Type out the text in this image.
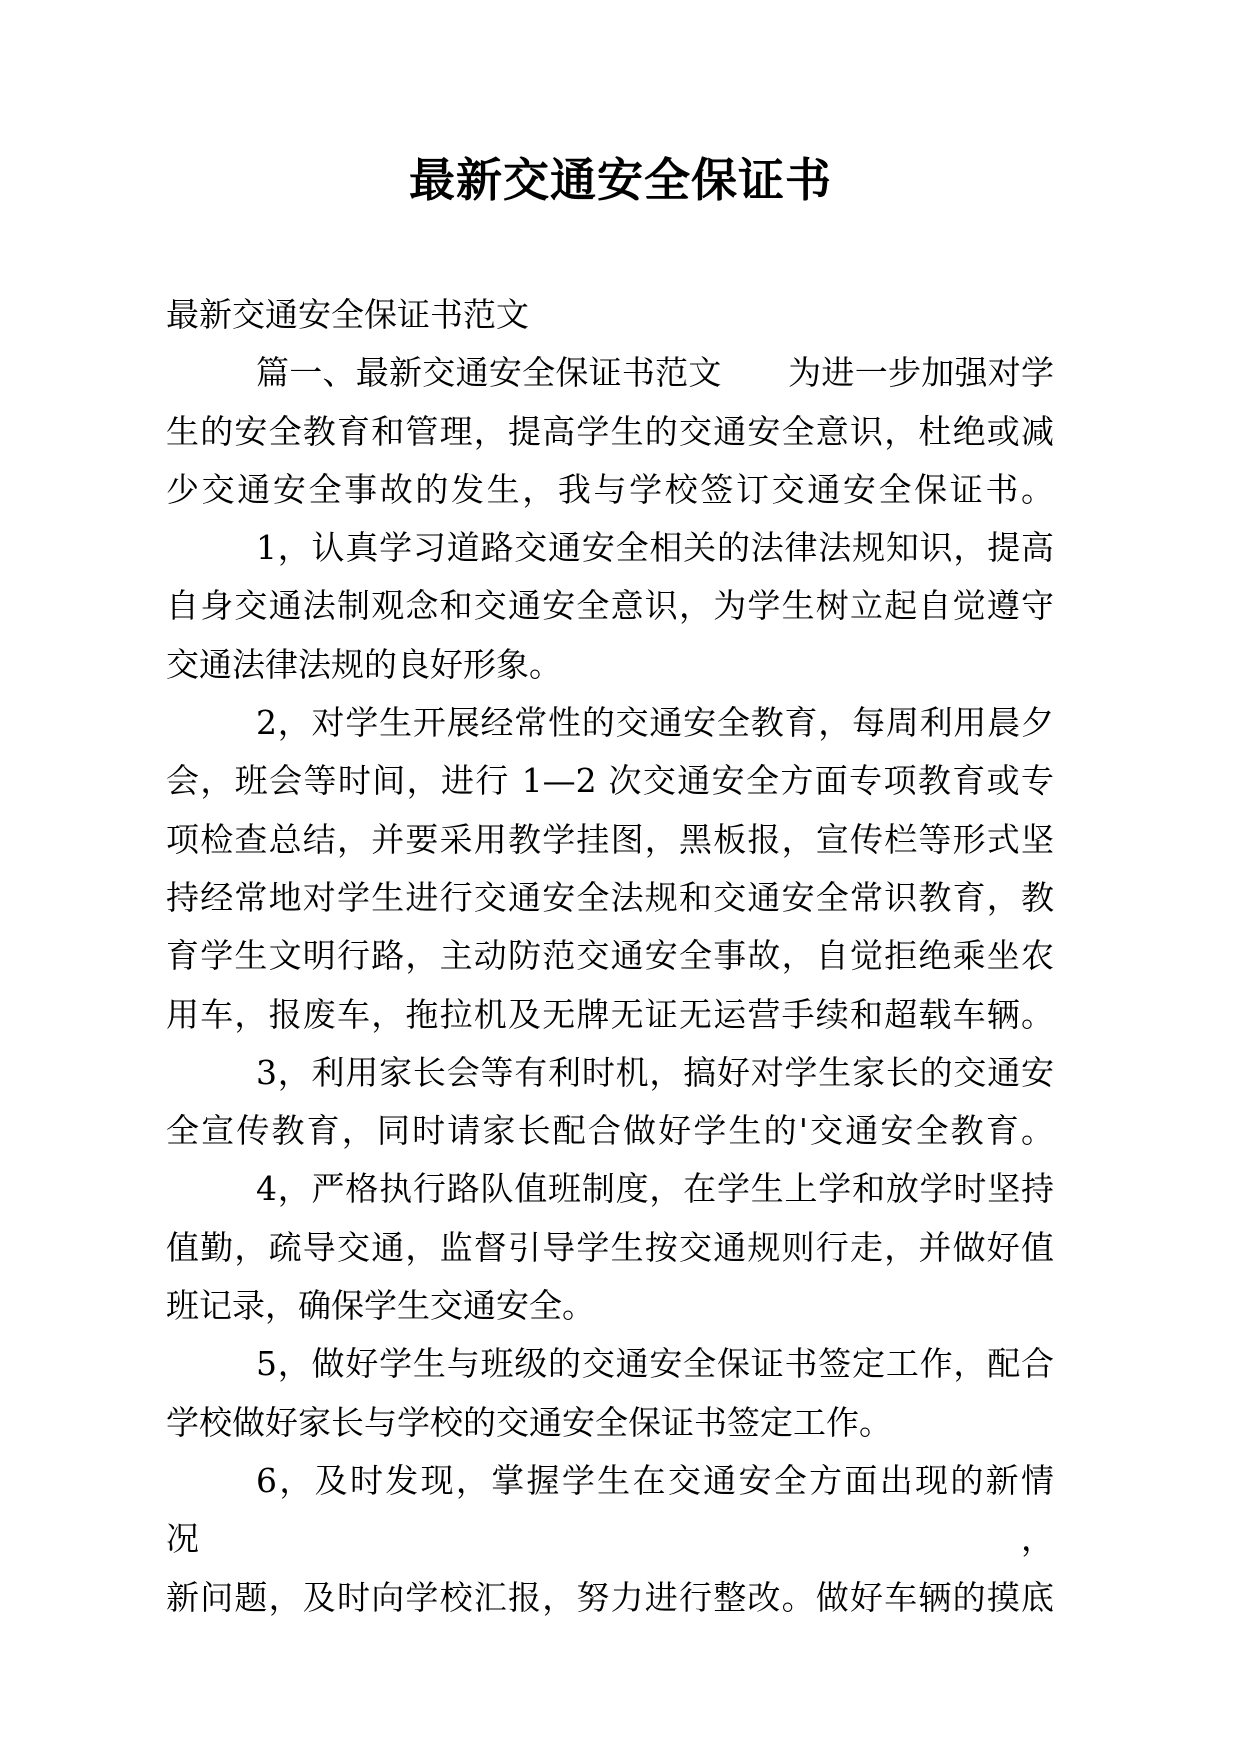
最新交通安全保证书
最新交通安全保证书范文
篇一、最新交通安全保证书范文　　为进一步加强对学
生的安全教育和管理，提高学生的交通安全意识，杜绝或减
少交通安全事故的发生，我与学校签订交通安全保证书。
1，认真学习道路交通安全相关的法律法规知识，提高
自身交通法制观念和交通安全意识，为学生树立起自觉遵守
交通法律法规的良好形象。
2，对学生开展经常性的交通安全教育，每周利用晨夕
会，班会等时间，进行 1—2 次交通安全方面专项教育或专
项检查总结，并要采用教学挂图，黑板报，宣传栏等形式坚
持经常地对学生进行交通安全法规和交通安全常识教育，教
育学生文明行路，主动防范交通安全事故，自觉拒绝乘坐农
用车，报废车，拖拉机及无牌无证无运营手续和超载车辆。
3，利用家长会等有利时机，搞好对学生家长的交通安
全宣传教育，同时请家长配合做好学生的'交通安全教育。
4，严格执行路队值班制度，在学生上学和放学时坚持
值勤，疏导交通，监督引导学生按交通规则行走，并做好值
班记录，确保学生交通安全。
5，做好学生与班级的交通安全保证书签定工作，配合
学校做好家长与学校的交通安全保证书签定工作。
6，及时发现，掌握学生在交通安全方面出现的新情况，
新问题，及时向学校汇报，努力进行整改。做好车辆的摸底
